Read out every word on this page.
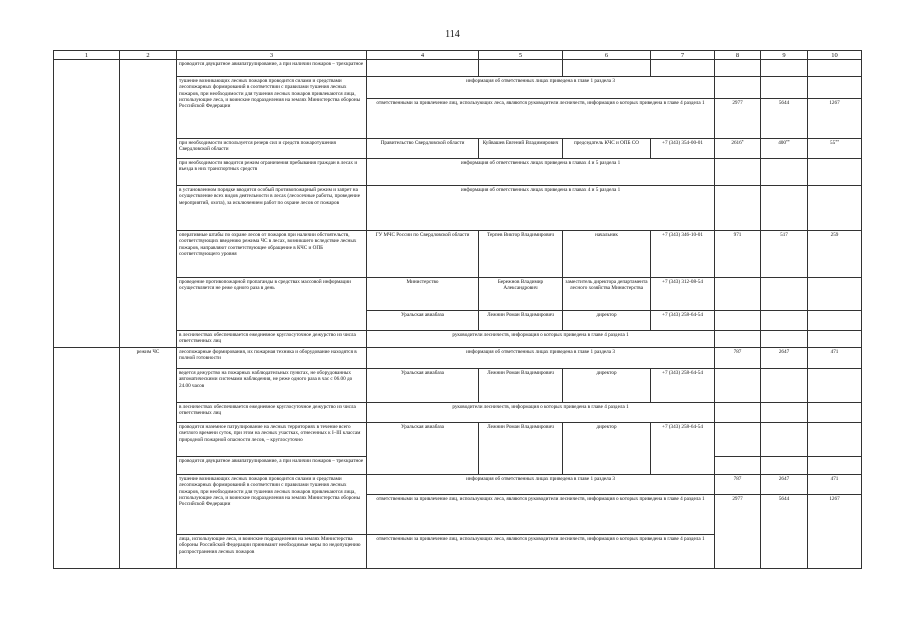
114
1	2	3	4	5	6	7	8	9	10
		проводится двукратное авиапатрулирование, а при наличии пожаров – трехкратное							
		тушение возникающих лесных пожаров проводится силами и средствами лесопожарных формирований в соответствии с правилами тушения лесных пожаров, при необходимости для тушения лесных пожаров привлекаются лица, использующие леса, и воинские подразделения на землях Министерства обороны Российской Федерации	информация об ответственных лицах приведена в главе 1 раздела 3						
			ответственными за привлечение лиц, использующих леса, являются руководители лесничеств, информация о которых приведена в главе 4 раздела 1				2977	5644	1267
		при необходимости используется резерв сил и средств пожаротушения Свердловской области	Правительство Свердловской области	Куйвашев Евгений Владимирович	председатель КЧС и ОПБ СО	+7 (343) 354-00-01	2616*	400**	55**
		при необходимости вводится режим ограничения пребывания граждан в лесах и въезда в них транспортных средств	информация об ответственных лицах приведена в главах 4 и 5 раздела 1						
		в установленном порядке вводится особый противопожарный режим и запрет на осуществление всех видов деятельности в лесах (лесосечные работы, проведение мероприятий, охота), за исключением работ по охране лесов от пожаров	информация об ответственных лицах приведена в главах 4 и 5 раздела 1						
		оперативные штабы по охране лесов от пожаров при наличии обстоятельств, соответствующих введению режима ЧС в лесах, возникшего вследствие лесных пожаров, направляют соответствующее обращение в КЧС и ОПБ соответствующего уровня	ГУ МЧС России по Свердловской области	Терпев Виктор Владимирович	начальник	+7 (343) 346-10-01	971	517	259
		проведение противопожарной пропаганды в средствах массовой информации осуществляется не реже одного раза в день	Министерство	Бережнов Владимир Александрович	заместитель директора департамента лесного хозяйства Министерства	+7 (343) 312-08-54			
			Уральская авиабаза	Лежнин Роман Владимирович	директор	+7 (343) 258-64-54			
		в лесничествах обеспечивается ежедневное круглосуточное дежурство из числа ответственных лиц	руководители лесничеств, информация о которых приведена в главе 4 раздела 1						
	режим ЧС	лесопожарные формирования, их пожарная техника и оборудование находятся в полной готовности	информация об ответственных лицах приведена в главе 1 раздела 3				787	2647	471
		ведется дежурство на пожарных наблюдательных пунктах, не оборудованных автоматическими системами наблюдения, не реже одного раза в час с 06.00 до 24.00 часов	Уральская авиабаза	Лежнин Роман Владимирович	директор	+7 (343) 258-64-54			
		в лесничествах обеспечивается ежедневное круглосуточное дежурство из числа ответственных лиц	руководители лесничеств, информация о которых приведена в главе 4 раздела 1						
		проводится наземное патрулирование на лесных территориях в течение всего светлого времени суток, при этом на лесных участках, отнесенных к I–III классам природной пожарной опасности лесов, – круглосуточно	Уральская авиабаза	Лежнин Роман Владимирович	директор	+7 (343) 258-64-54			
		проводится двукратное авиапатрулирование, а при наличии пожаров – трехкратное							
		тушение возникающих лесных пожаров проводится силами и средствами лесопожарных формирований в соответствии с правилами тушения лесных пожаров, при необходимости для тушения лесных пожаров привлекаются лица, использующие леса, и воинские подразделения на землях Министерства обороны Российской Федерации	информация об ответственных лицах приведена в главе 1 раздела 3				787	2647	471
			ответственными за привлечение лиц, использующих леса, являются руководители лесничеств, информация о которых приведена в главе 4 раздела 1				2977	5644	1267
		лица, использующие леса, и воинские подразделения на землях Министерства обороны Российской Федерации принимают необходимые меры по недопущению распространения лесных пожаров	ответственными за привлечение лиц, использующих леса, являются руководители лесничеств, информация о которых приведена в главе 4 раздела 1						
